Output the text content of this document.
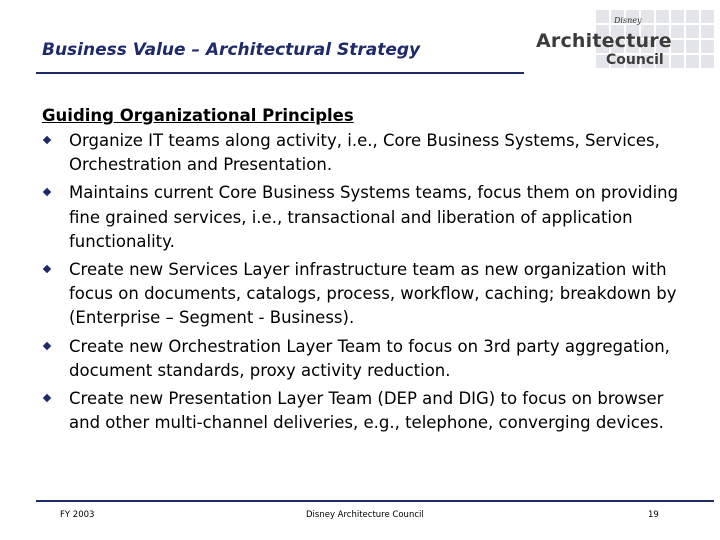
Business Value – Architectural Strategy
Disney
Architecture
Council
Guiding Organizational Principles
Organize IT teams along activity, i.e., Core Business Systems, Services, Orchestration and Presentation.
Maintains current Core Business Systems teams, focus them on providing fine grained services, i.e., transactional and liberation of application functionality.
Create new Services Layer infrastructure team as new organization with focus on documents, catalogs, process, workflow, caching; breakdown by (Enterprise – Segment - Business).
Create new Orchestration Layer Team to focus on 3rd party aggregation, document standards, proxy activity reduction.
Create new Presentation Layer Team (DEP and DIG) to focus on browser and other multi-channel deliveries, e.g., telephone, converging devices.
FY 2003	Disney Architecture Council	19
